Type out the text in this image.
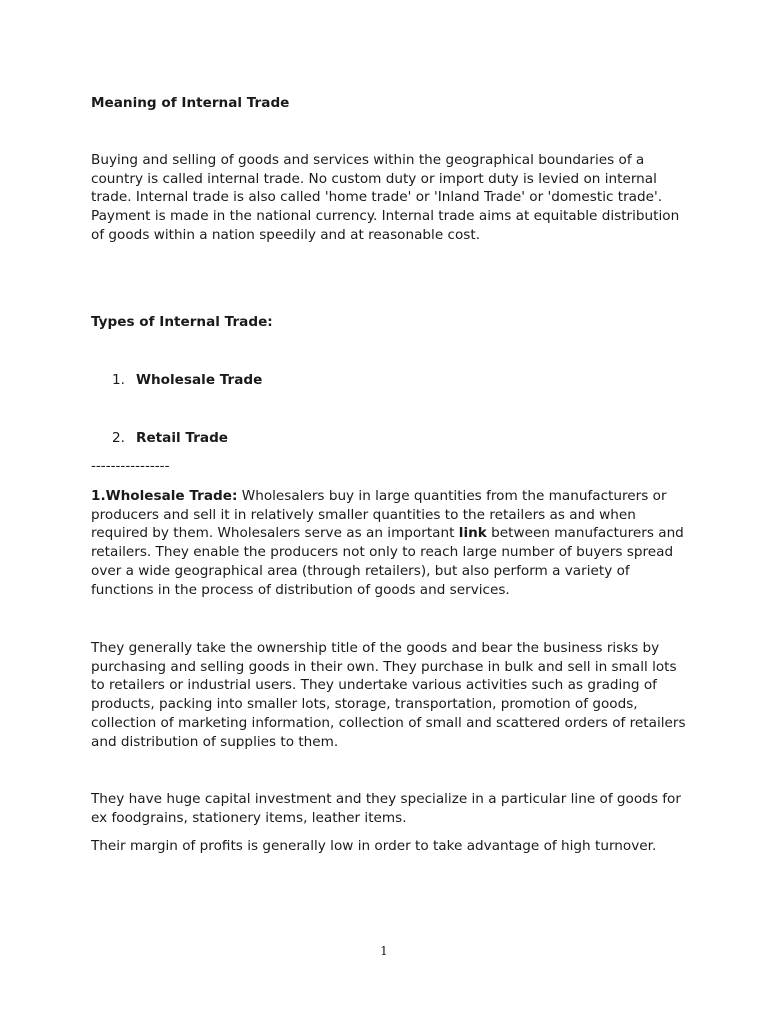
Meaning of Internal Trade

Buying and selling of goods and services within the geographical boundaries of a country is called internal trade. No custom duty or import duty is levied on internal trade. Internal trade is also called 'home trade' or 'Inland Trade' or 'domestic trade'. Payment is made in the national currency. Internal trade aims at equitable distribution of goods within a nation speedily and at reasonable cost.

Types of Internal Trade:

1. Wholesale Trade
2. Retail Trade

----------------

1.Wholesale Trade: Wholesalers buy in large quantities from the manufacturers or producers and sell it in relatively smaller quantities to the retailers as and when required by them. Wholesalers serve as an important link between manufacturers and retailers. They enable the producers not only to reach large number of buyers spread over a wide geographical area (through retailers), but also perform a variety of functions in the process of distribution of goods and services.

They generally take the ownership title of the goods and bear the business risks by purchasing and selling goods in their own. They purchase in bulk and sell in small lots to retailers or industrial users. They undertake various activities such as grading of products, packing into smaller lots, storage, transportation, promotion of goods, collection of marketing information, collection of small and scattered orders of retailers and distribution of supplies to them.

They have huge capital investment and they specialize in a particular line of goods for ex foodgrains, stationery items, leather items.

Their margin of profits is generally low in order to take advantage of high turnover.

1
